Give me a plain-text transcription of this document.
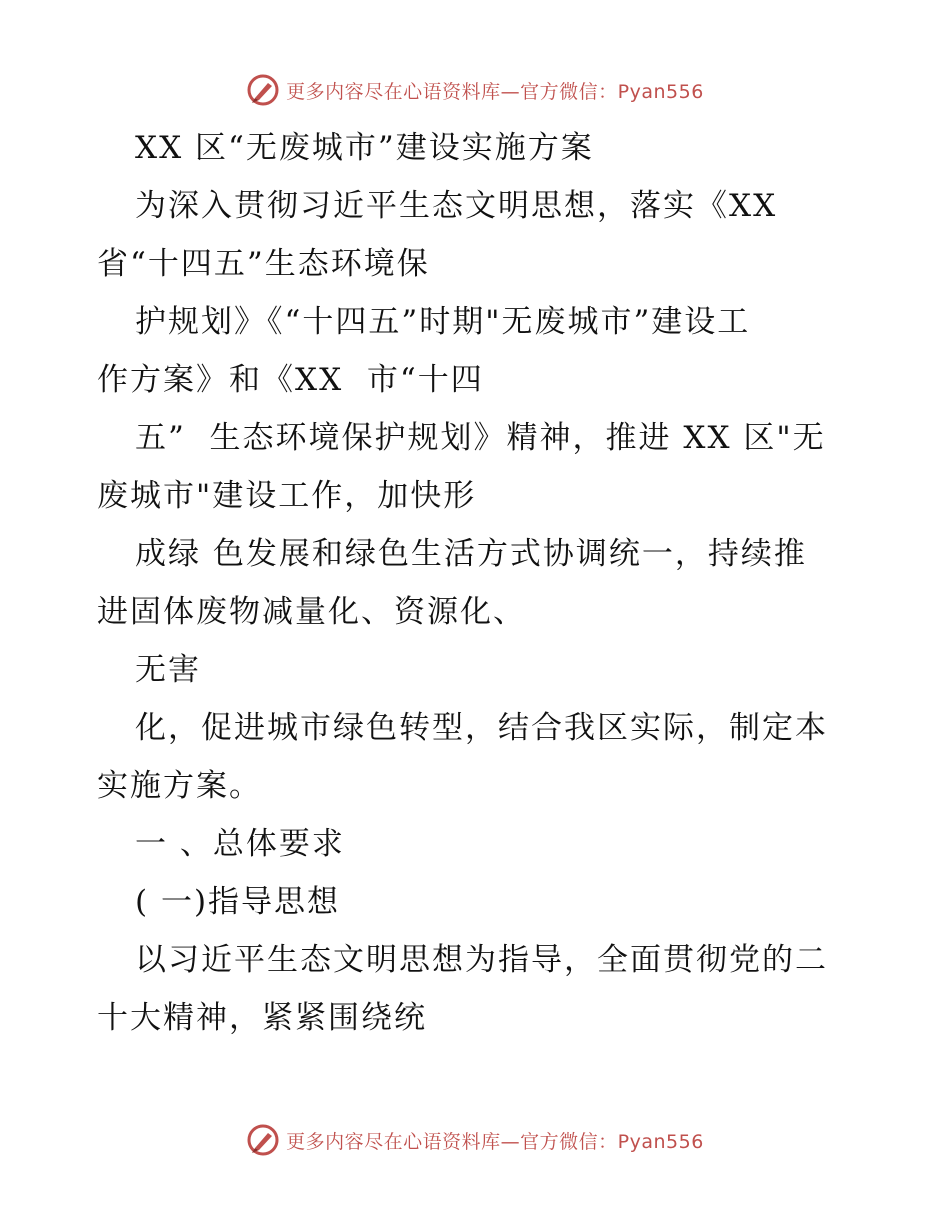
更多内容尽在心语资料库—官方微信：Pyan556
XX 区“无废城市”建设实施方案
为深入贯彻习近平生态文明思想，落实《XX
省“十四五”生态环境保
护规划》《“十四五”时期"无废城市”建设工
作方案》和《XX  市“十四
五”  生态环境保护规划》精神，推进 XX 区"无
废城市"建设工作，加快形
成绿 色发展和绿色生活方式协调统一，持续推
进固体废物减量化、资源化、
无害
化，促进城市绿色转型，结合我区实际，制定本
实施方案。
一 、总体要求
( 一)指导思想
以习近平生态文明思想为指导，全面贯彻党的二
十大精神，紧紧围绕统
更多内容尽在心语资料库—官方微信：Pyan556
